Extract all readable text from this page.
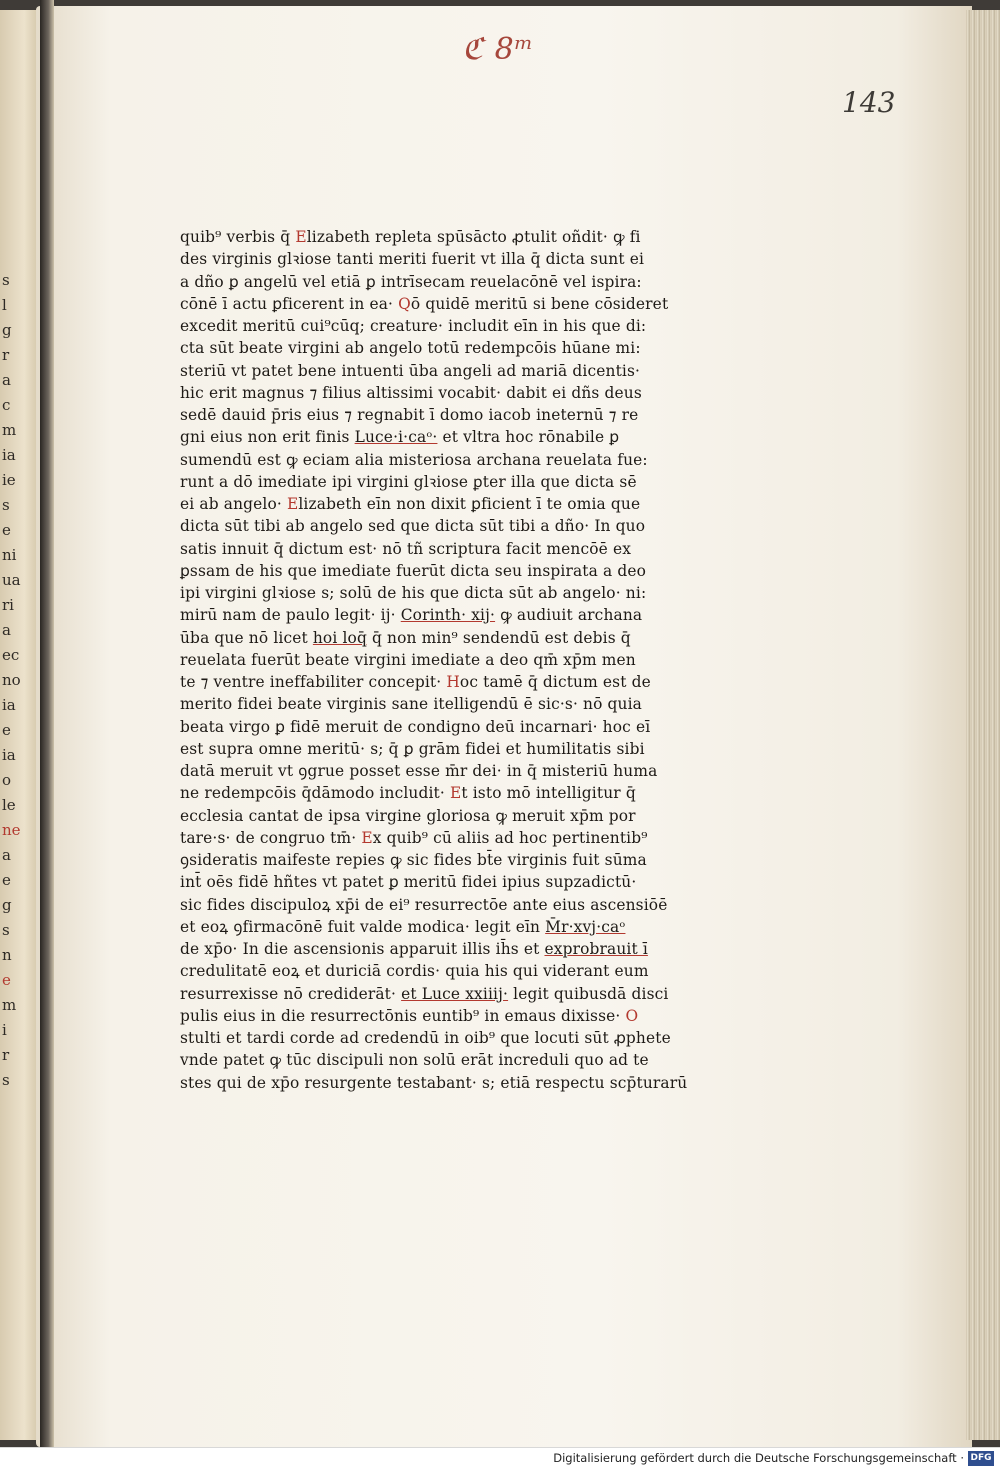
s
l
g
r
a
c
m
ia
ie
s
e
ni
ua
ri
a
ec
no
ia
e
ia
o
le
ne
a
e
g
s
n
e
m
i
r
s
ℭ 8ᵐ
143
quib⁹ verbis q̄ Elizabeth repleta spūsācto ꝓtulit oñdit· ꝙ fi
des virginis glꝛiose tanti meriti fuerit vt illa q̄ dicta sunt ei
a dño ꝑ angelū vel etiā ꝑ intrīsecam reuelacōnē vel ispira:
cōnē ī actu ꝑficerent in ea· Qō quidē meritū si bene cōsideret
excedit meritū cui⁹cūq; creature· includit eīn in his que di:
cta sūt beate virgini ab angelo totū redempcōis hūane mi:
steriū vt patet bene intuenti ūba angeli ad mariā dicentis·
hic erit magnus ⁊ filius altissimi vocabit· dabit ei dñs deus
sedē dauid p̄ris eius ⁊ regnabit ī domo iacob ineternū ⁊ re
gni eius non erit finis Luce·i·caᵒ· et vltra hoc rōnabile ꝑ
sumendū est ꝙ eciam alia misteriosa archana reuelata fue:
runt a dō imediate ipi virgini glꝛiose ꝑter illa que dicta sē
ei ab angelo· Elizabeth eīn non dixit ꝑficient ī te omia que
dicta sūt tibi ab angelo sed que dicta sūt tibi a dño· In quo
satis innuit q̄ dictum est· nō tñ scriptura facit mencōē ex
ꝑssam de his que imediate fuerūt dicta seu inspirata a deo
ipi virgini glꝛiose s; solū de his que dicta sūt ab angelo· ni:
mirū nam de paulo legit· ij· Corinth· xij· ꝙ audiuit archana
ūba que nō licet hoi loq̄ q̄ non min⁹ sendendū est debis q̄
reuelata fuerūt beate virgini imediate a deo qm̄ xp̄m men
te ⁊ ventre ineffabiliter concepit· Hoc tamē q̄ dictum est de
merito fidei beate virginis sane itelligendū ē sic·s· nō quia
beata virgo ꝑ fidē meruit de condigno deū incarnari· hoc eī
est supra omne meritū· s; q̄ ꝑ grām fidei et humilitatis sibi
datā meruit vt ꝯgrue posset esse m̄r dei· in q̄ misteriū huma
ne redempcōis q̄dāmodo includit· Et isto mō intelligitur q̄
ecclesia cantat de ipsa virgine gloriosa ꝙ meruit xp̄m por
tare·s· de congruo tm̄· Ex quib⁹ cū aliis ad hoc pertinentib⁹
ꝯsideratis maifeste repies ꝙ sic fides bt̄e virginis fuit sūma
int̄ oēs fidē hñtes vt patet ꝑ meritū fidei ipius supzadictū·
sic fides discipuloꝝ xp̄i de ei⁹ resurrectōe ante eius ascensiōē
et eoꝝ ꝯfirmacōnē fuit valde modica· legit eīn M̄r·xvj·caᵒ
de xp̄o· In die ascensionis apparuit illis ih̄s et exprobrauit ī
credulitatē eoꝝ et duriciā cordis· quia his qui viderant eum
resurrexisse nō crediderāt· et Luce xxiiij· legit quibusdā disci
pulis eius in die resurrectōnis euntib⁹ in emaus dixisse· O
stulti et tardi corde ad credendū in oib⁹ que locuti sūt ꝓphete
vnde patet ꝙ tūc discipuli non solū erāt increduli quo ad te
stes qui de xp̄o resurgente testabant· s; etiā respectu scp̄turarū
Digitalisierung gefördert durch die Deutsche Forschungsgemeinschaft · DFG
